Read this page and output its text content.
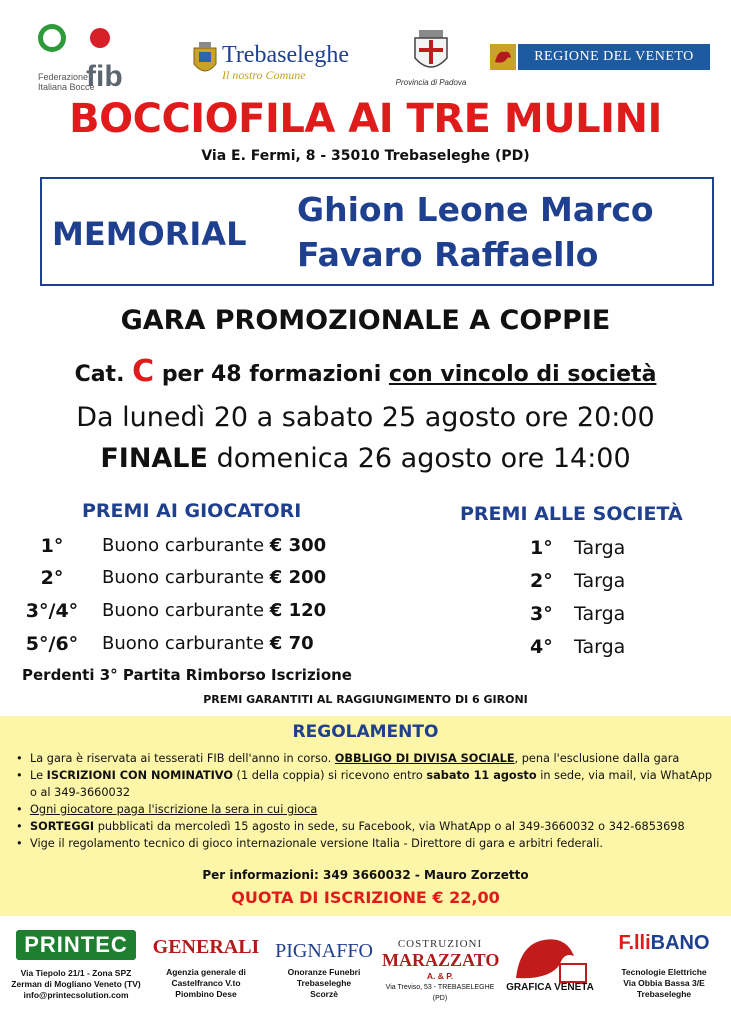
fib
Federazione Italiana Bocce
Trebaseleghe
Il nostro Comune
Provincia di Padova
REGIONE DEL VENETO
BOCCIOFILA AI TRE MULINI
Via E. Fermi, 8 - 35010 Trebaseleghe (PD)
MEMORIAL
Ghion Leone Marco
Favaro Raffaello
GARA PROMOZIONALE A COPPIE
Cat. C per 48 formazioni con vincolo di società
Da lunedì 20 a sabato 25 agosto ore 20:00
FINALE domenica 26 agosto ore 14:00
PREMI AI GIOCATORI
1°	Buono carburante € 300
2°	Buono carburante € 200
3°/4° Buono carburante € 120
5°/6° Buono carburante € 70
PREMI ALLE SOCIETÀ
1° Targa
2° Targa
3° Targa
4° Targa
Perdenti 3° Partita Rimborso Iscrizione
PREMI GARANTITI AL RAGGIUNGIMENTO DI 6 GIRONI
REGOLAMENTO
• La gara è riservata ai tesserati FIB dell'anno in corso. OBBLIGO DI DIVISA SOCIALE, pena l'esclusione dalla gara
• Le ISCRIZIONI CON NOMINATIVO (1 della coppia) si ricevono entro sabato 11 agosto in sede, via mail, via WhatApp o al 349-3660032
• Ogni giocatore paga l'iscrizione la sera in cui gioca
• SORTEGGI pubblicati da mercoledì 15 agosto in sede, su Facebook, via WhatApp o al 349-3660032 o 342-6853698
• Vige il regolamento tecnico di gioco internazionale versione Italia - Direttore di gara e arbitri federali.
Per informazioni: 349 3660032 - Mauro Zorzetto
QUOTA DI ISCRIZIONE € 22,00
PRINTEC
Via Tiepolo 21/1 - Zona SPZ
Zerman di Mogliano Veneto (TV)
info@printecsolution.com
GENERALI
Agenzia generale di
Castelfranco V.to
Piombino Dese
PIGNAFFO
Onoranze Funebri
Trebaseleghe
Scorzè
COSTRUZIONI
MARAZZATO
A. & P.
Via Treviso, 53 - TREBASELEGHE (PD)
GRAFICA VENETA
F.lliBANO
Tecnologie Elettriche
Via Obbia Bassa 3/E
Trebaseleghe
